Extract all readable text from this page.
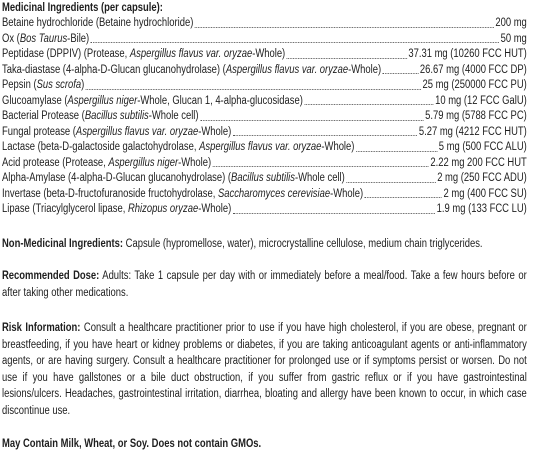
Medicinal Ingredients (per capsule):
Betaine hydrochloride (Betaine hydrochloride)	200 mg
Ox (Bos Taurus-Bile)	50 mg
Peptidase (DPPIV) (Protease, Aspergillus flavus var. oryzae-Whole)	37.31 mg (10260 FCC HUT)
Taka-diastase (4-alpha-D-Glucan glucanohydrolase) (Aspergillus flavus var. oryzae-Whole)	26.67 mg (4000 FCC DP)
Pepsin (Sus scrofa)	25 mg (250000 FCC PU)
Glucoamylase (Aspergillus niger-Whole, Glucan 1, 4-alpha-glucosidase)	10 mg (12 FCC GalU)
Bacterial Protease (Bacillus subtilis-Whole cell)	5.79 mg (5788 FCC PC)
Fungal protease (Aspergillus flavus var. oryzae-Whole)	5.27 mg (4212 FCC HUT)
Lactase (beta-D-galactoside galactohydrolase, Aspergillus flavus var. oryzae-Whole)	5 mg (500 FCC ALU)
Acid protease (Protease, Aspergillus niger-Whole)	2.22 mg 200 FCC HUT
Alpha-Amylase (4-alpha-D-Glucan glucanohydrolase) (Bacillus subtilis-Whole cell)	2 mg (250 FCC ADU)
Invertase (beta-D-fructofuranoside fructohydrolase, Saccharomyces cerevisiae-Whole)	2 mg (400 FCC SU)
Lipase (Triacylglycerol lipase, Rhizopus oryzae-Whole)	1.9 mg (133 FCC LU)
Non-Medicinal Ingredients: Capsule (hypromellose, water), microcrystalline cellulose, medium chain triglycerides.
Recommended Dose: Adults: Take 1 capsule per day with or immediately before a meal/food. Take a few hours before or after taking other medications.
Risk Information: Consult a healthcare practitioner prior to use if you have high cholesterol, if you are obese, pregnant or breastfeeding, if you have heart or kidney problems or diabetes, if you are taking anticoagulant agents or anti-inflammatory agents, or are having surgery. Consult a healthcare practitioner for prolonged use or if symptoms persist or worsen. Do not use if you have gallstones or a bile duct obstruction, if you suffer from gastric reflux or if you have gastrointestinal lesions/ulcers. Headaches, gastrointestinal irritation, diarrhea, bloating and allergy have been known to occur, in which case discontinue use.
May Contain Milk, Wheat, or Soy. Does not contain GMOs.
